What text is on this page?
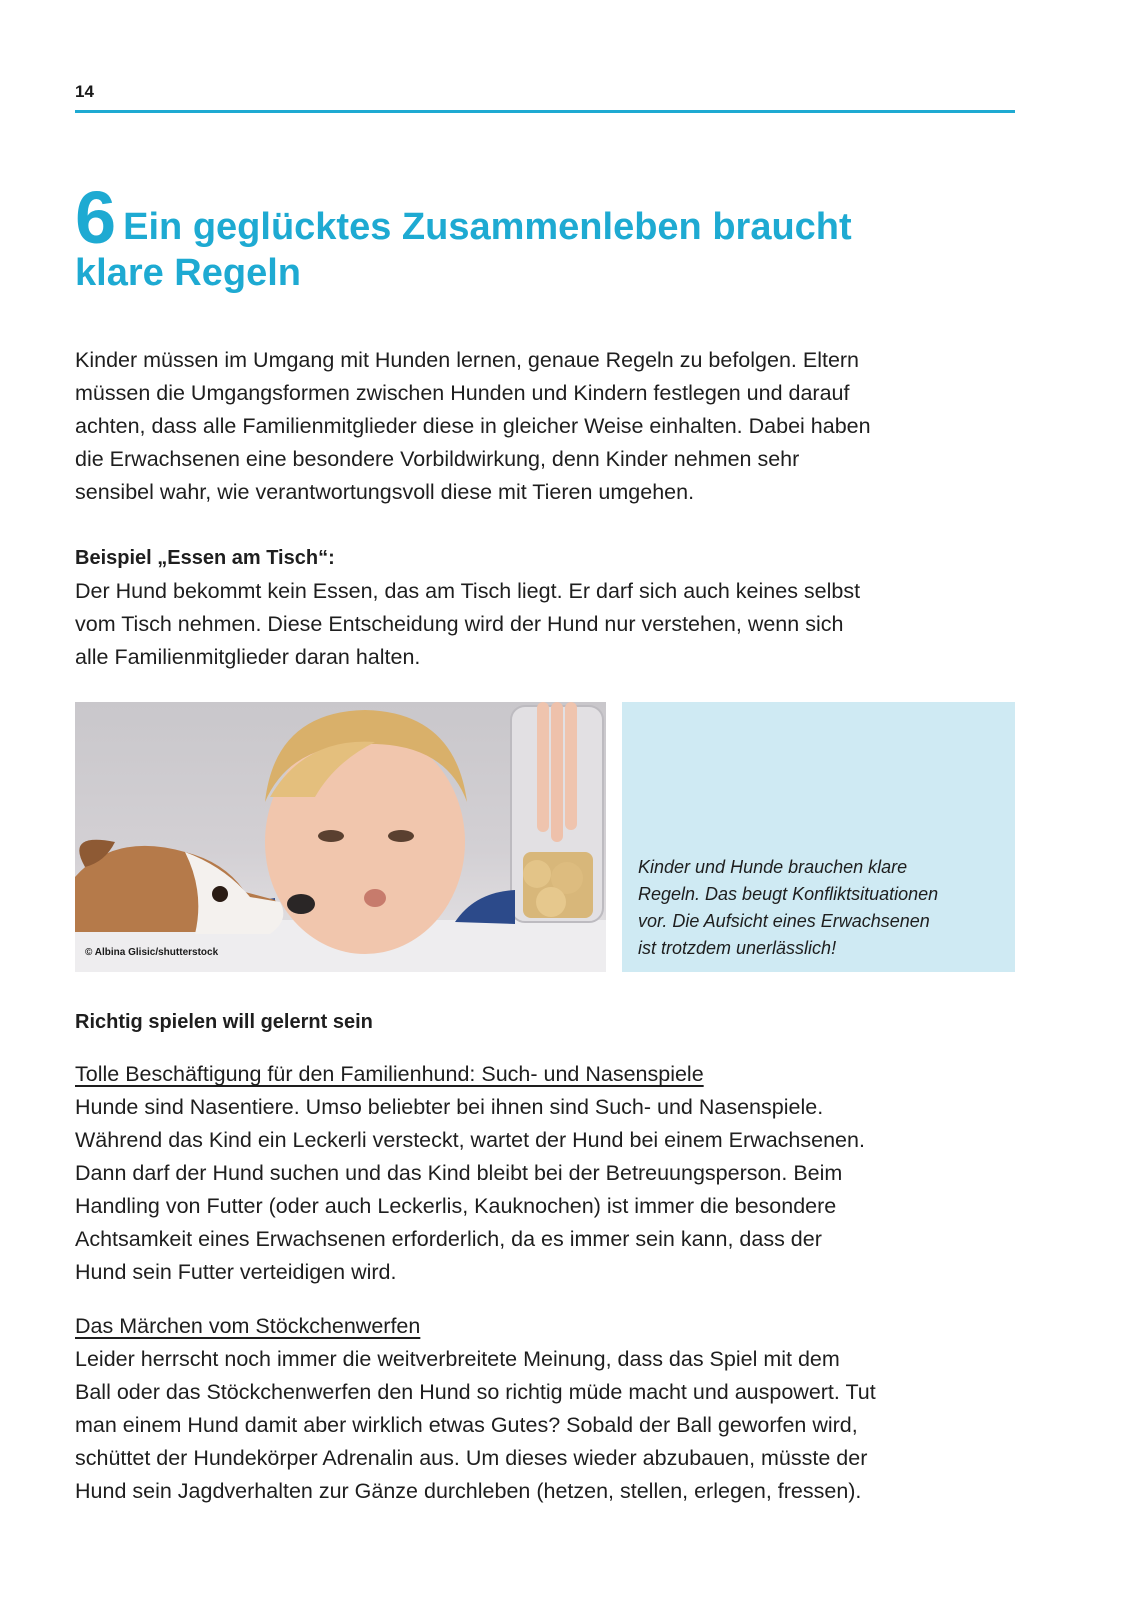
14
6 Ein geglücktes Zusammenleben braucht
klare Regeln

Kinder müssen im Umgang mit Hunden lernen, genaue Regeln zu befolgen. Eltern
müssen die Umgangsformen zwischen Hunden und Kindern festlegen und darauf
achten, dass alle Familienmitglieder diese in gleicher Weise einhalten. Dabei haben
die Erwachsenen eine besondere Vorbildwirkung, denn Kinder nehmen sehr
sensibel wahr, wie verantwortungsvoll diese mit Tieren umgehen.

Beispiel „Essen am Tisch“:
Der Hund bekommt kein Essen, das am Tisch liegt. Er darf sich auch keines selbst
vom Tisch nehmen. Diese Entscheidung wird der Hund nur verstehen, wenn sich
alle Familienmitglieder daran halten.

© Albina Glisic/shutterstock

Kinder und Hunde brauchen klare
Regeln. Das beugt Konfliktsituationen
vor. Die Aufsicht eines Erwachsenen
ist trotzdem unerlässlich!

Richtig spielen will gelernt sein

Tolle Beschäftigung für den Familienhund: Such- und Nasenspiele
Hunde sind Nasentiere. Umso beliebter bei ihnen sind Such- und Nasenspiele.
Während das Kind ein Leckerli versteckt, wartet der Hund bei einem Erwachsenen.
Dann darf der Hund suchen und das Kind bleibt bei der Betreuungsperson. Beim
Handling von Futter (oder auch Leckerlis, Kauknochen) ist immer die besondere
Achtsamkeit eines Erwachsenen erforderlich, da es immer sein kann, dass der
Hund sein Futter verteidigen wird.

Das Märchen vom Stöckchenwerfen
Leider herrscht noch immer die weitverbreitete Meinung, dass das Spiel mit dem
Ball oder das Stöckchenwerfen den Hund so richtig müde macht und auspowert. Tut
man einem Hund damit aber wirklich etwas Gutes? Sobald der Ball geworfen wird,
schüttet der Hundekörper Adrenalin aus. Um dieses wieder abzubauen, müsste der
Hund sein Jagdverhalten zur Gänze durchleben (hetzen, stellen, erlegen, fressen).
